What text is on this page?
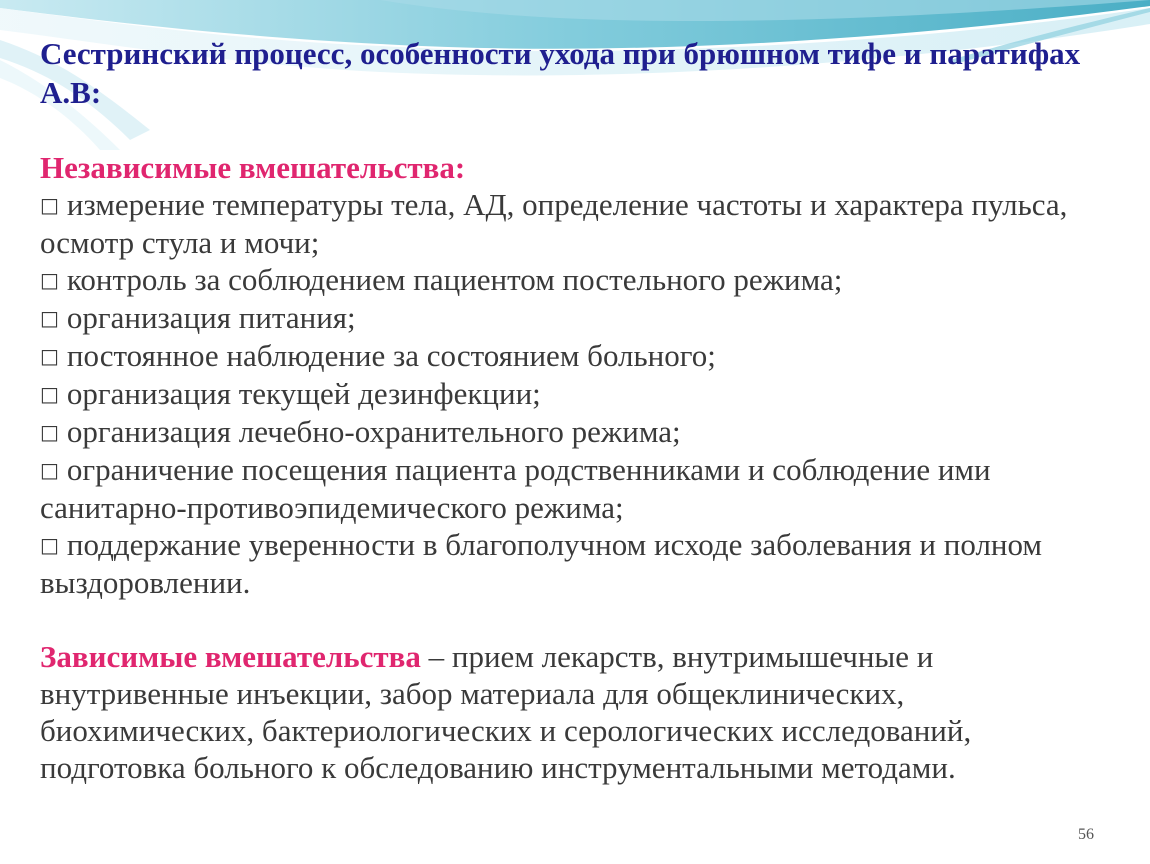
Сестринский процесс, особенности ухода при брюшном тифе и паратифах А.В:
Независимые вмешательства:
□ измерение температуры тела, АД, определение частоты и характера пульса, осмотр стула и мочи;
□ контроль за соблюдением пациентом постельного режима;
□ организация питания;
□ постоянное наблюдение за состоянием больного;
□ организация текущей дезинфекции;
□ организация лечебно-охранительного режима;
□ ограничение посещения пациента родственниками и соблюдение ими санитарно-противоэпидемического режима;
□ поддержание уверенности в благополучном исходе заболевания и полном выздоровлении.
Зависимые вмешательства – прием лекарств, внутримышечные и внутривенные инъекции, забор материала для общеклинических, биохимических, бактериологических и серологических исследований, подготовка больного к обследованию инструментальными методами.
56
